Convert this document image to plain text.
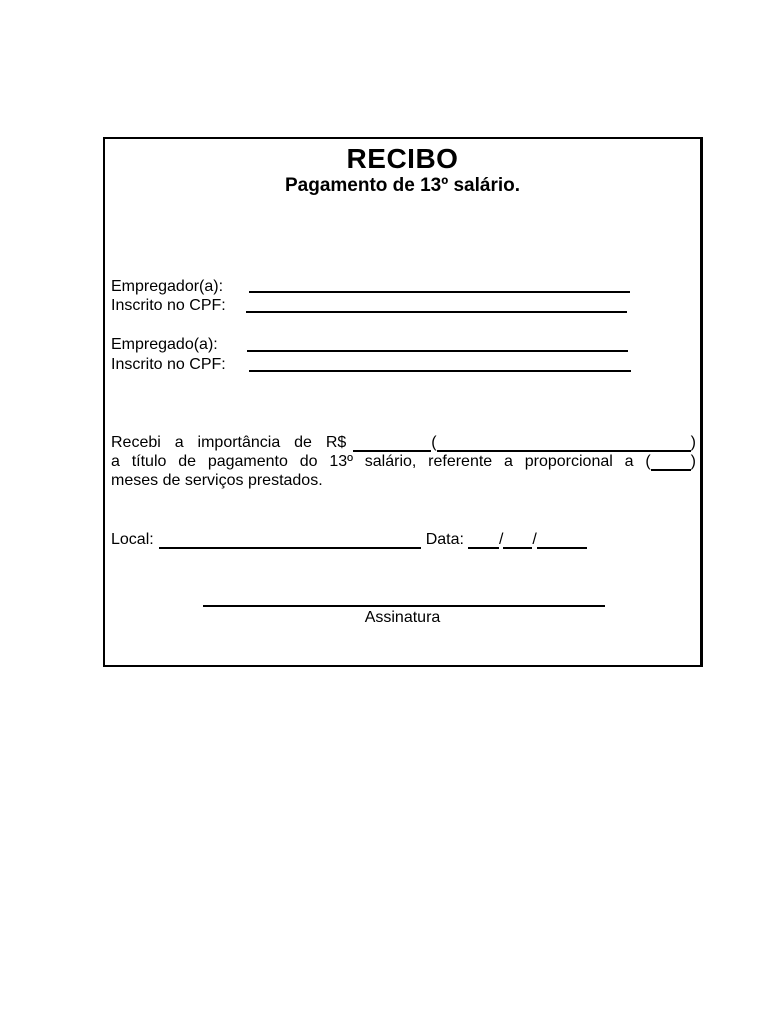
RECIBO
Pagamento de 13º salário.
Empregador(a):
Inscrito no CPF:
Empregado(a):
Inscrito no CPF:
Recebi a importância de R$	(	)
a título de pagamento do 13º salário, referente a proporcional a (	)
meses de serviços prestados.
Local:	Data: / /
Assinatura
